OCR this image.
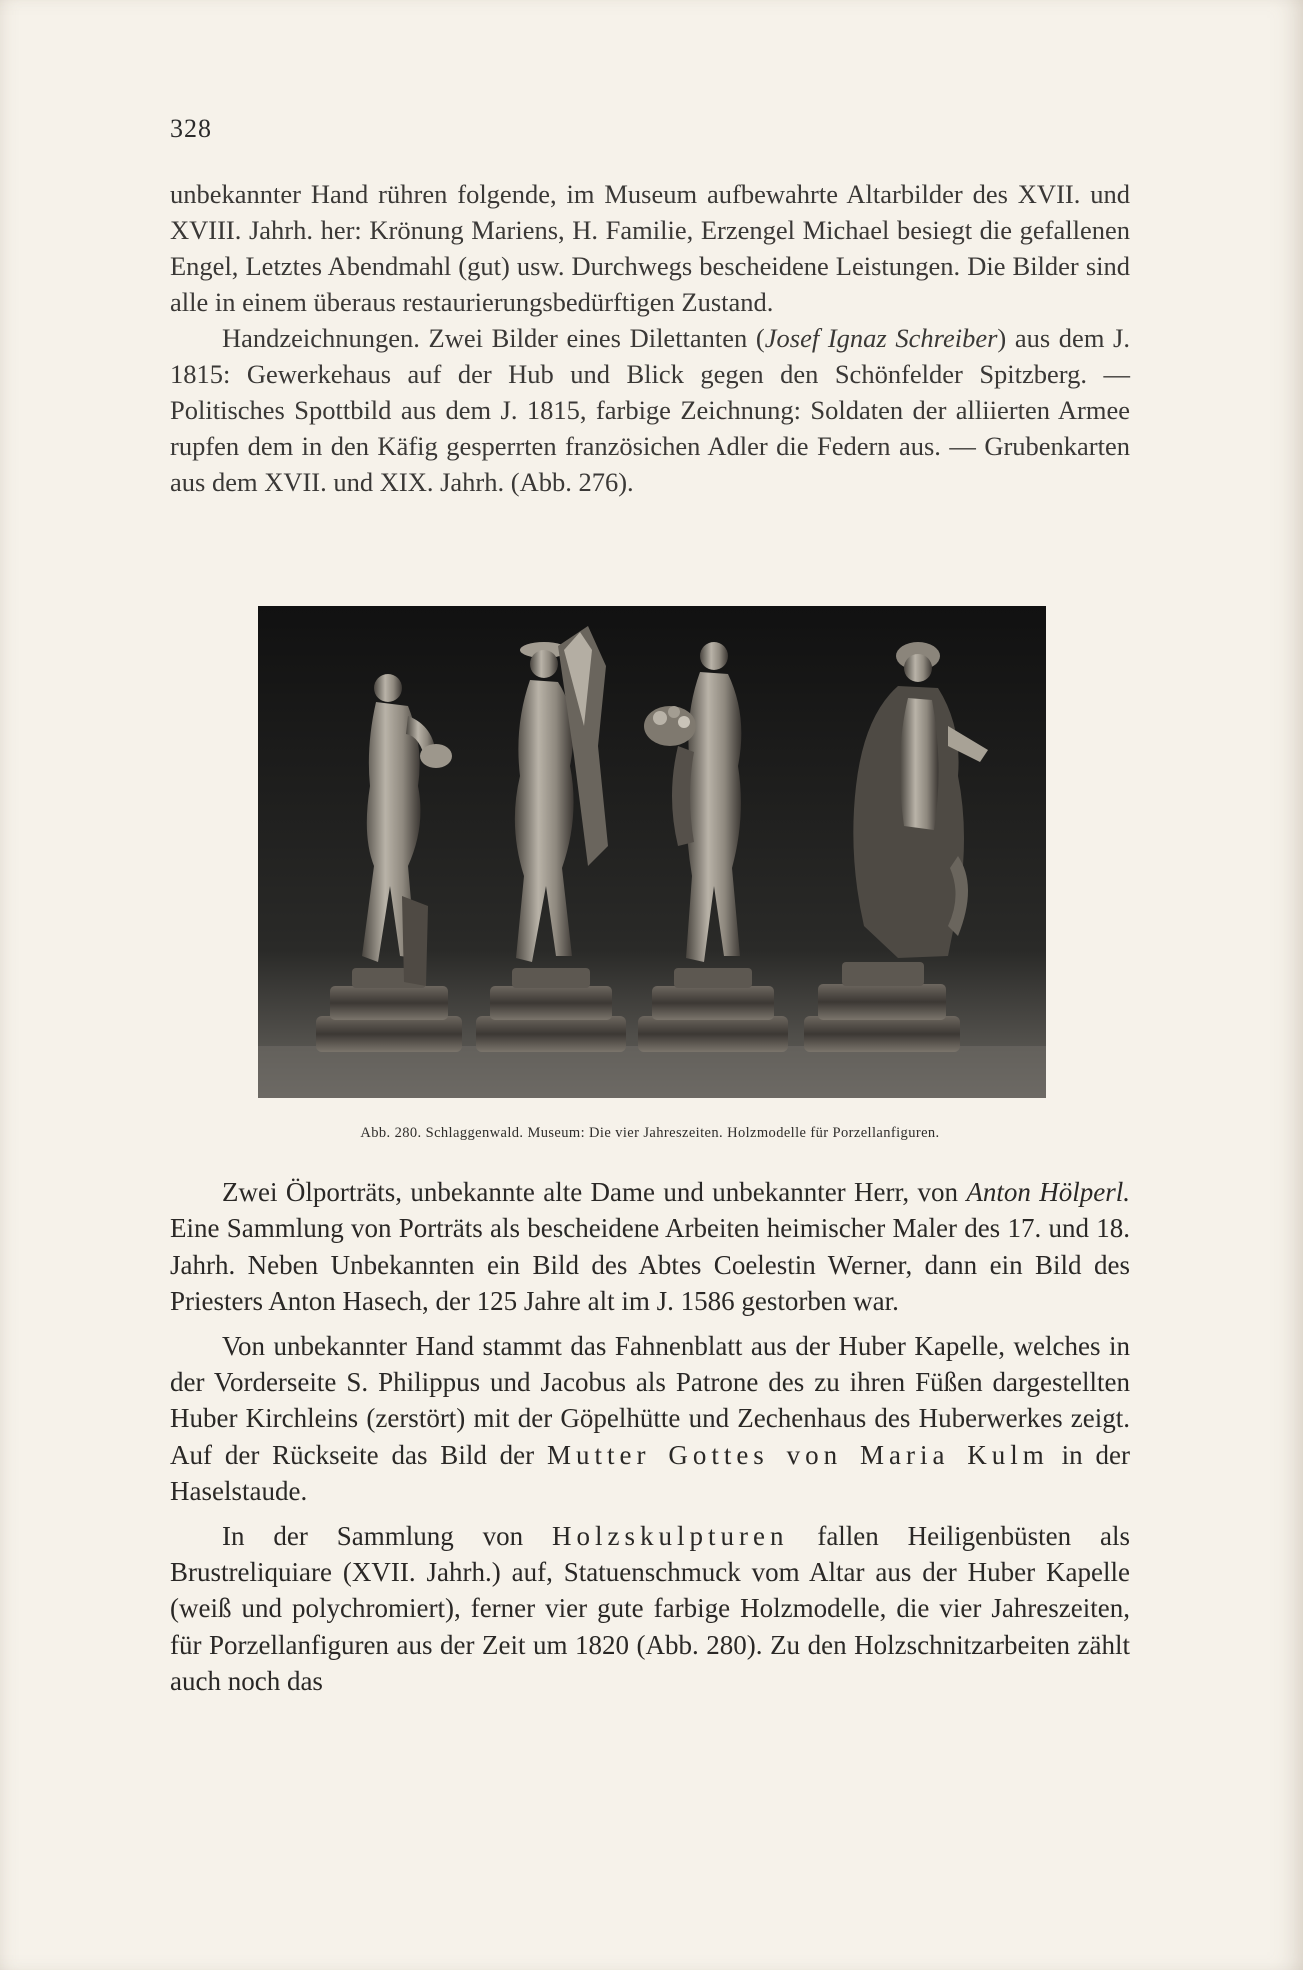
328

unbekannter Hand rühren folgende, im Museum aufbewahrte Altarbilder des XVII. und XVIII. Jahrh. her: Krönung Mariens, H. Familie, Erzengel Michael besiegt die gefallenen Engel, Letztes Abendmahl (gut) usw. Durchwegs bescheidene Leistungen. Die Bilder sind alle in einem überaus restaurierungsbedürftigen Zustand.

Handzeichnungen. Zwei Bilder eines Dilettanten (Josef Ignaz Schreiber) aus dem J. 1815: Gewerkehaus auf der Hub und Blick gegen den Schönfelder Spitzberg. — Politisches Spottbild aus dem J. 1815, farbige Zeichnung: Soldaten der alliierten Armee rupfen dem in den Käfig gesperrten französichen Adler die Federn aus. — Grubenkarten aus dem XVII. und XIX. Jahrh. (Abb. 276).

Abb. 280. Schlaggenwald. Museum: Die vier Jahreszeiten. Holzmodelle für Porzellanfiguren.

Zwei Ölporträts, unbekannte alte Dame und unbekannter Herr, von Anton Hölperl. Eine Sammlung von Porträts als bescheidene Arbeiten heimischer Maler des 17. und 18. Jahrh. Neben Unbekannten ein Bild des Abtes Coelestin Werner, dann ein Bild des Priesters Anton Hasech, der 125 Jahre alt im J. 1586 gestorben war.

Von unbekannter Hand stammt das Fahnenblatt aus der Huber Kapelle, welches in der Vorderseite S. Philippus und Jacobus als Patrone des zu ihren Füßen dargestellten Huber Kirchleins (zerstört) mit der Göpelhütte und Zechenhaus des Huberwerkes zeigt. Auf der Rückseite das Bild der Mutter Gottes von Maria Kulm in der Haselstaude.

In der Sammlung von Holzskulpturen fallen Heiligenbüsten als Brustreliquiare (XVII. Jahrh.) auf, Statuenschmuck vom Altar aus der Huber Kapelle (weiß und polychromiert), ferner vier gute farbige Holzmodelle, die vier Jahreszeiten, für Porzellanfiguren aus der Zeit um 1820 (Abb. 280). Zu den Holzschnitzarbeiten zählt auch noch das
